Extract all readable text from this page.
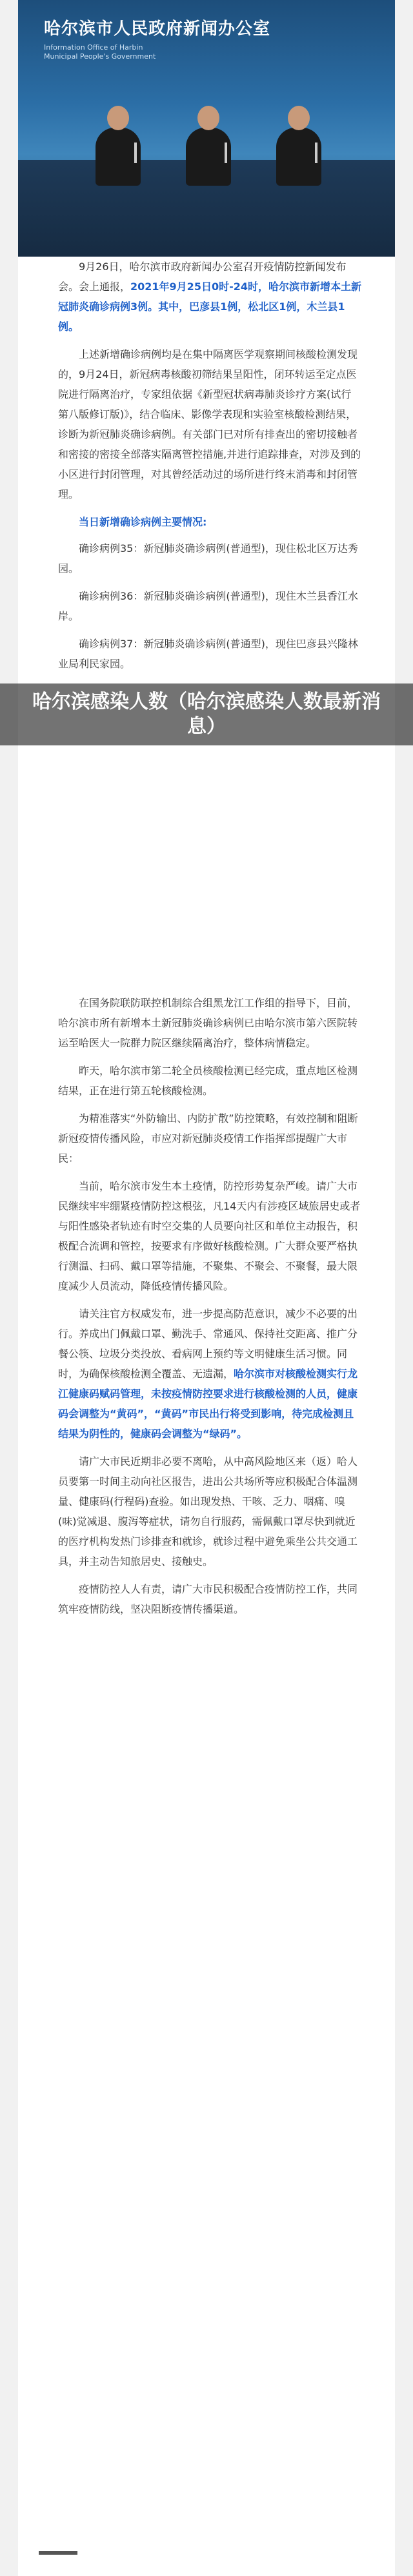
哈尔滨市人民政府新闻办公室
Information Office of Harbin
Municipal People's Government

9月26日，哈尔滨市政府新闻办公室召开疫情防控新闻发布会。会上通报，2021年9月25日0时-24时，哈尔滨市新增本土新冠肺炎确诊病例3例。其中，巴彦县1例，松北区1例，木兰县1例。

上述新增确诊病例均是在集中隔离医学观察期间核酸检测发现的，9月24日，新冠病毒核酸初筛结果呈阳性，闭环转运至定点医院进行隔离治疗，专家组依据《新型冠状病毒肺炎诊疗方案(试行第八版修订版)》，结合临床、影像学表现和实验室核酸检测结果，诊断为新冠肺炎确诊病例。有关部门已对所有排查出的密切接触者和密接的密接全部落实隔离管控措施,并进行追踪排查，对涉及到的小区进行封闭管理，对其曾经活动过的场所进行终末消毒和封闭管理。

当日新增确诊病例主要情况:

确诊病例35：新冠肺炎确诊病例(普通型)，现住松北区万达秀园。

确诊病例36：新冠肺炎确诊病例(普通型)，现住木兰县香江水岸。

确诊病例37：新冠肺炎确诊病例(普通型)，现住巴彦县兴隆林业局利民家园。

在国务院联防联控机制综合组黑龙江工作组的指导下，目前，哈尔滨市所有新增本土新冠肺炎确诊病例已由哈尔滨市第六医院转运至哈医大一院群力院区继续隔离治疗，整体病情稳定。

昨天，哈尔滨市第二轮全员核酸检测已经完成，重点地区检测结果，正在进行第五轮核酸检测。

为精准落实“外防输出、内防扩散”防控策略，有效控制和阻断新冠疫情传播风险，市应对新冠肺炎疫情工作指挥部提醒广大市民：

当前，哈尔滨市发生本土疫情，防控形势复杂严峻。请广大市民继续牢牢绷紧疫情防控这根弦，凡14天内有涉疫区域旅居史或者与阳性感染者轨迹有时空交集的人员要向社区和单位主动报告，积极配合流调和管控，按要求有序做好核酸检测。广大群众要严格执行测温、扫码、戴口罩等措施，不聚集、不聚会、不聚餐，最大限度减少人员流动，降低疫情传播风险。

请关注官方权威发布，进一步提高防范意识，减少不必要的出行。养成出门佩戴口罩、勤洗手、常通风、保持社交距离、推广分餐公筷、垃圾分类投放、看病网上预约等文明健康生活习惯。同时，为确保核酸检测全覆盖、无遗漏，哈尔滨市对核酸检测实行龙江健康码赋码管理，未按疫情防控要求进行核酸检测的人员，健康码会调整为“黄码”，“黄码”市民出行将受到影响，待完成检测且结果为阴性的，健康码会调整为“绿码”。

请广大市民近期非必要不离哈，从中高风险地区来（返）哈人员要第一时间主动向社区报告，进出公共场所等应积极配合体温测量、健康码(行程码)查验。如出现发热、干咳、乏力、咽痛、嗅(味)觉减退、腹泻等症状，请勿自行服药，需佩戴口罩尽快到就近的医疗机构发热门诊排查和就诊，就诊过程中避免乘坐公共交通工具，并主动告知旅居史、接触史。

疫情防控人人有责，请广大市民积极配合疫情防控工作，共同筑牢疫情防线，坚决阻断疫情传播渠道。

哈尔滨感染人数（哈尔滨感染人数最新消息）
